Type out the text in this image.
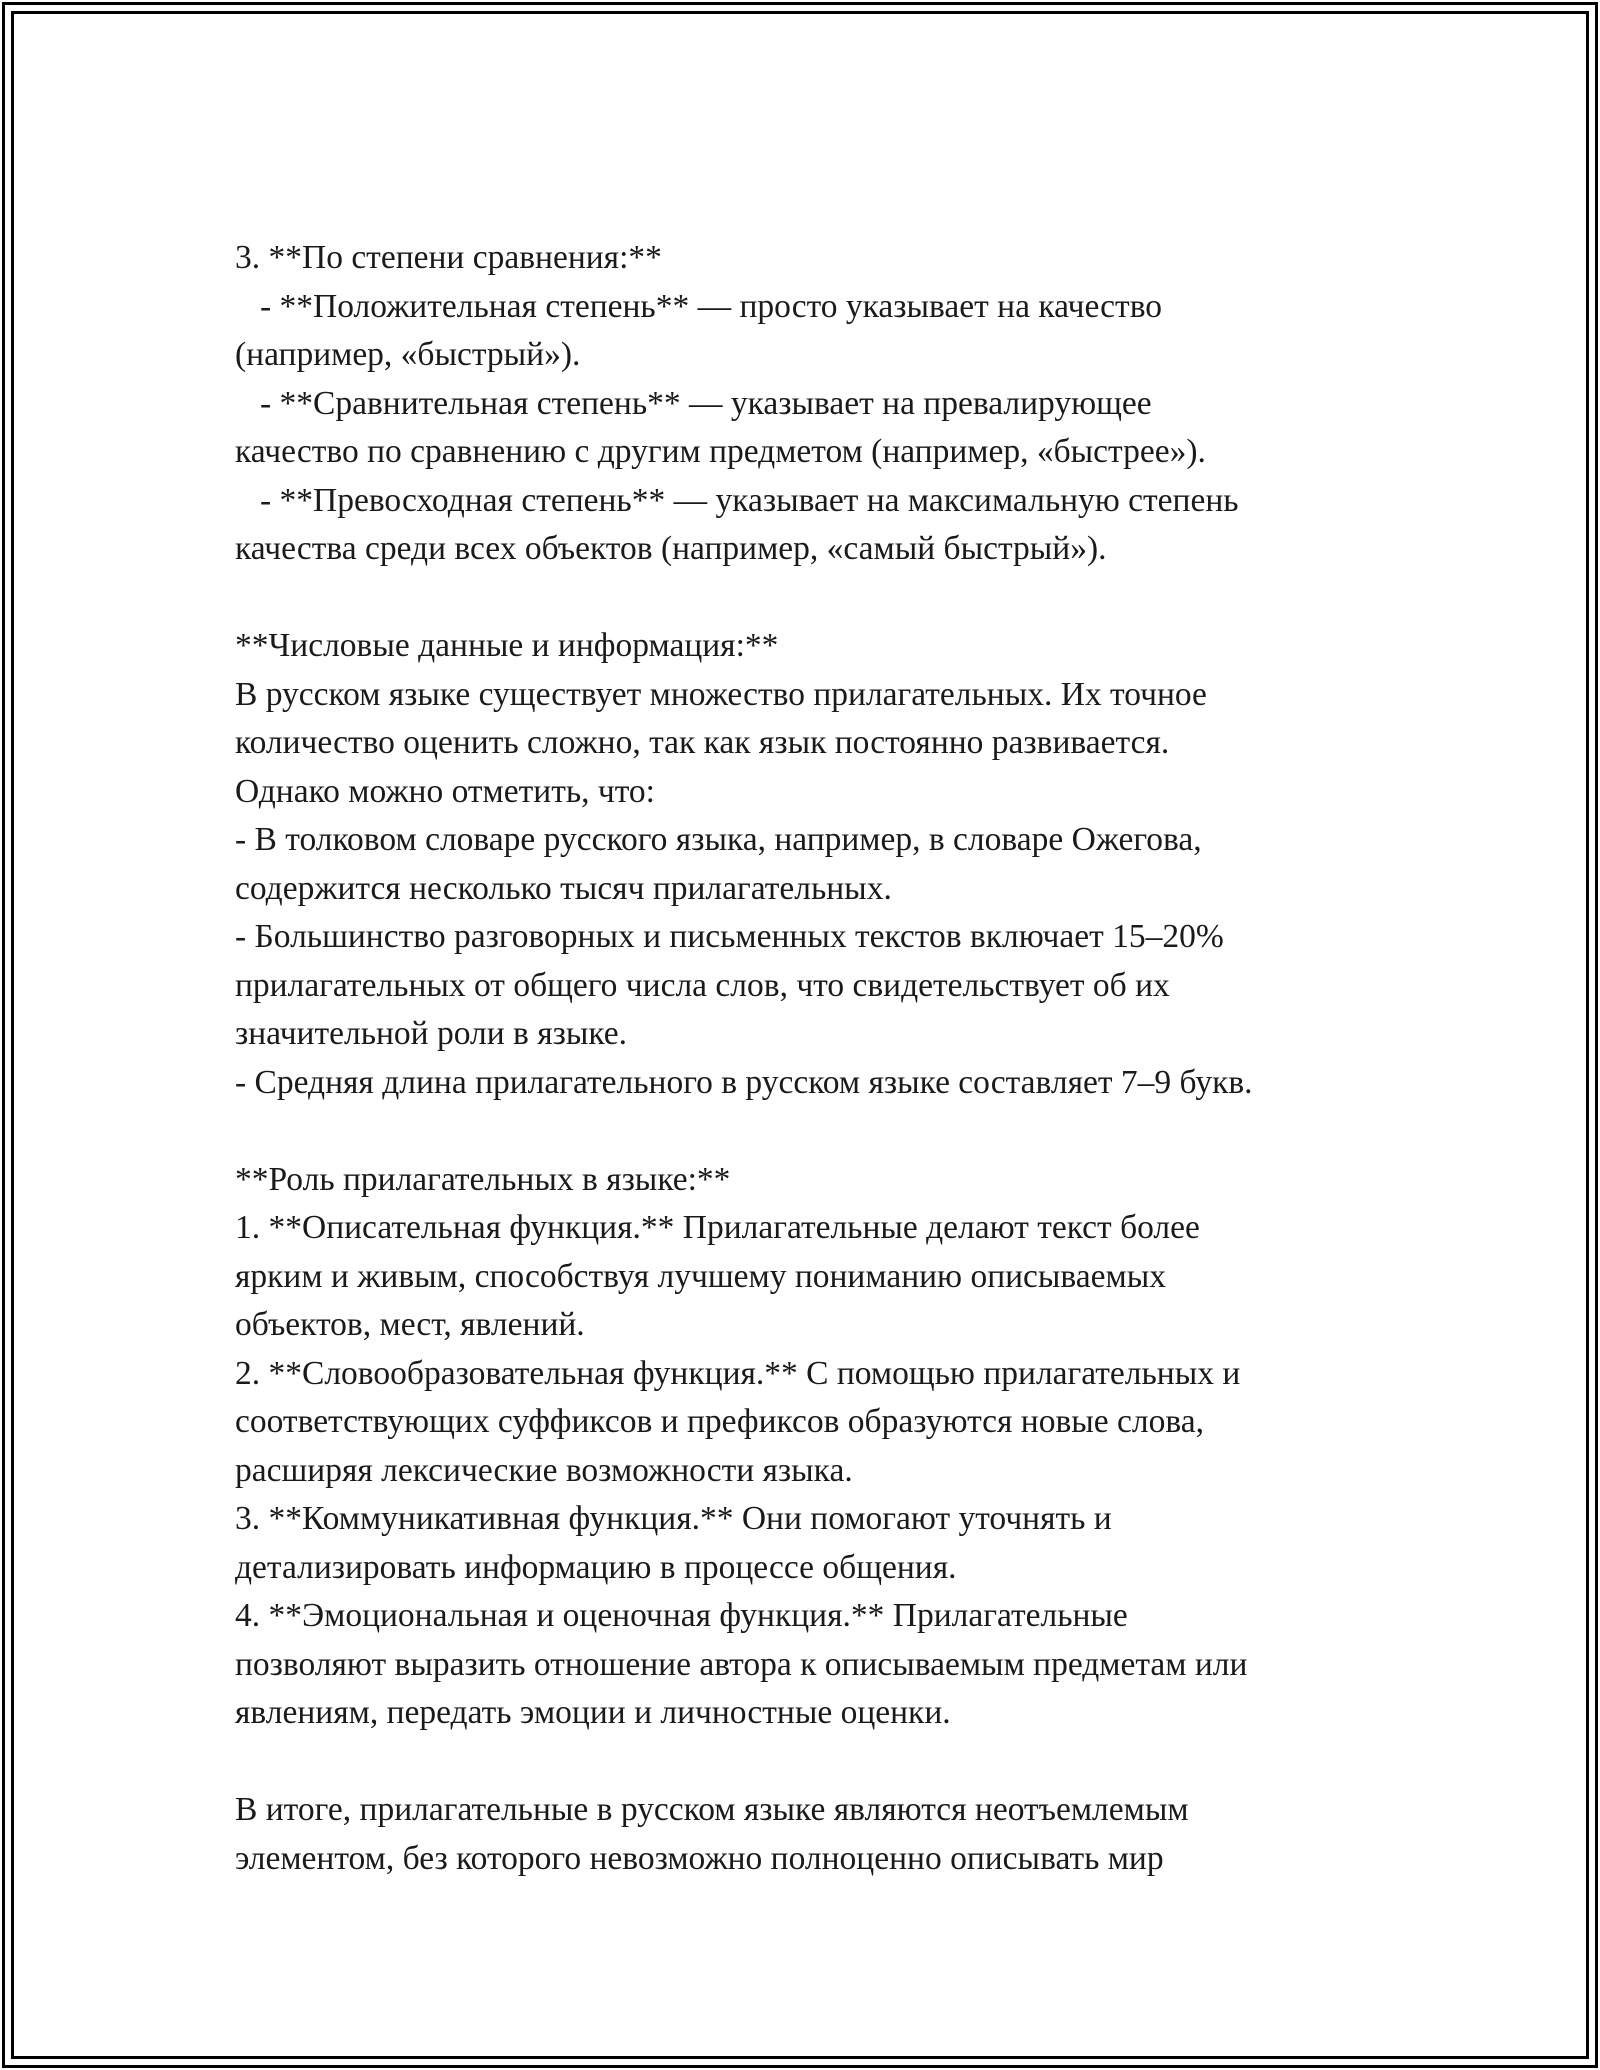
3. **По степени сравнения:**
- **Положительная степень** — просто указывает на качество
(например, «быстрый»).
- **Сравнительная степень** — указывает на превалирующее
качество по сравнению с другим предметом (например, «быстрее»).
- **Превосходная степень** — указывает на максимальную степень
качества среди всех объектов (например, «самый быстрый»).
**Числовые данные и информация:**
В русском языке существует множество прилагательных. Их точное
количество оценить сложно, так как язык постоянно развивается.
Однако можно отметить, что:
- В толковом словаре русского языка, например, в словаре Ожегова,
содержится несколько тысяч прилагательных.
- Большинство разговорных и письменных текстов включает 15–20%
прилагательных от общего числа слов, что свидетельствует об их
значительной роли в языке.
- Средняя длина прилагательного в русском языке составляет 7–9 букв.
**Роль прилагательных в языке:**
1. **Описательная функция.** Прилагательные делают текст более
ярким и живым, способствуя лучшему пониманию описываемых
объектов, мест, явлений.
2. **Словообразовательная функция.** С помощью прилагательных и
соответствующих суффиксов и префиксов образуются новые слова,
расширяя лексические возможности языка.
3. **Коммуникативная функция.** Они помогают уточнять и
детализировать информацию в процессе общения.
4. **Эмоциональная и оценочная функция.** Прилагательные
позволяют выразить отношение автора к описываемым предметам или
явлениям, передать эмоции и личностные оценки.
В итоге, прилагательные в русском языке являются неотъемлемым
элементом, без которого невозможно полноценно описывать мир
